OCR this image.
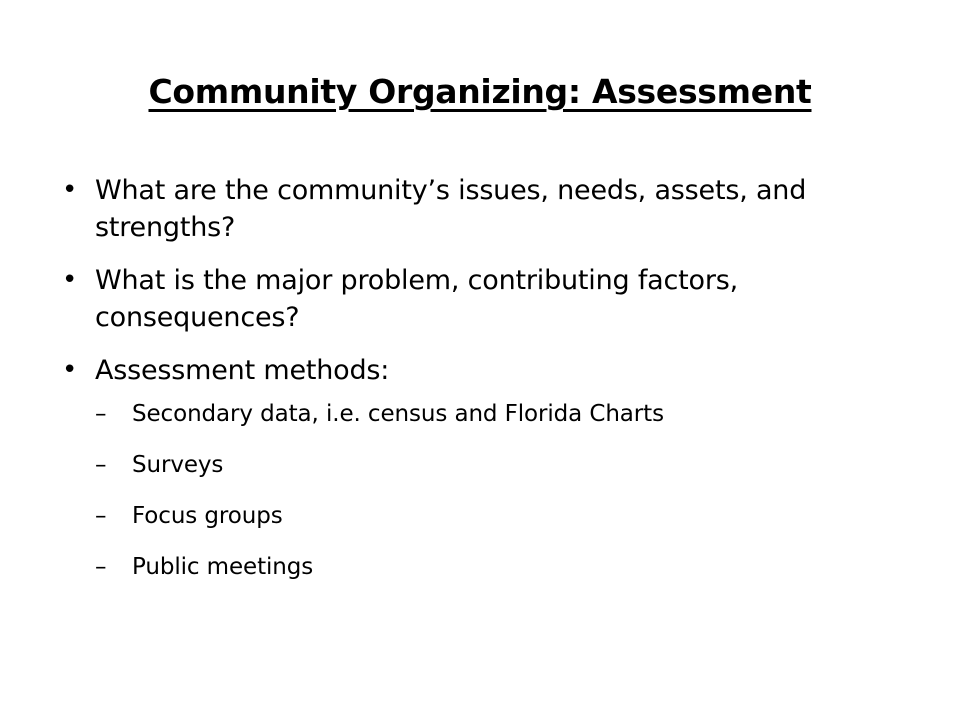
Community Organizing: Assessment
• What are the community’s issues, needs, assets, and strengths?
• What is the major problem, contributing factors, consequences?
• Assessment methods:
– Secondary data, i.e. census and Florida Charts
– Surveys
– Focus groups
– Public meetings
